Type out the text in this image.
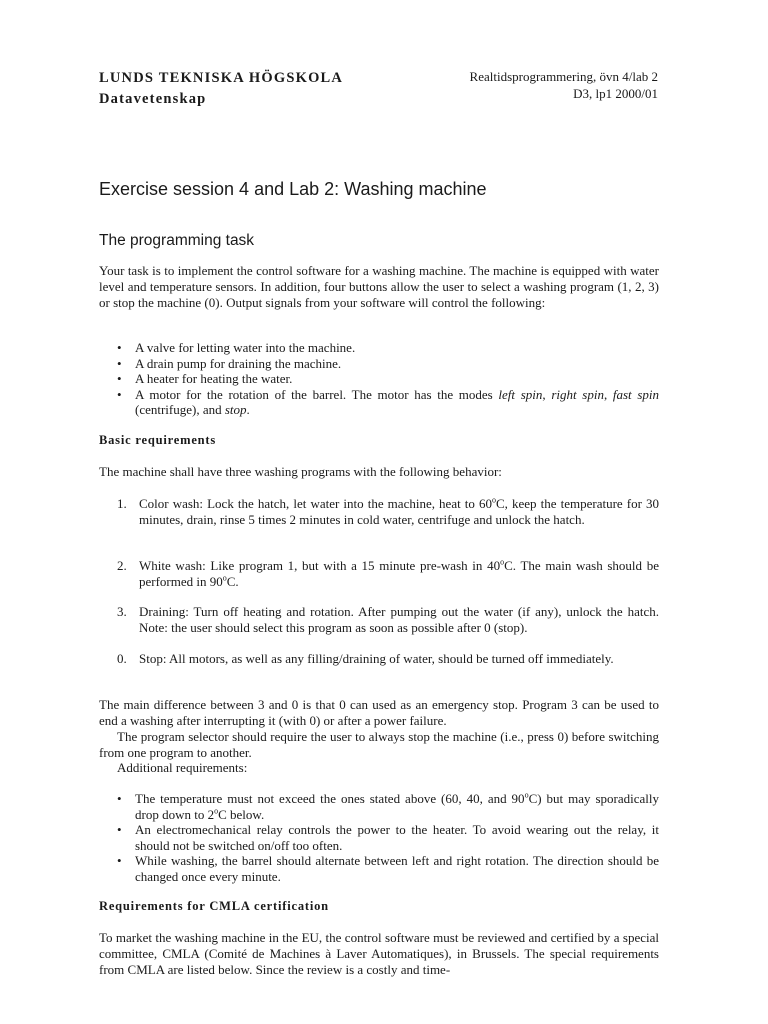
LUNDS TEKNISKA HÖGSKOLA
Datavetenskap
Realtidsprogrammering, övn 4/lab 2
D3, lp1 2000/01
Exercise session 4 and Lab 2: Washing machine
The programming task
Your task is to implement the control software for a washing machine. The machine is equipped with water level and temperature sensors. In addition, four buttons allow the user to select a washing program (1, 2, 3) or stop the machine (0). Output signals from your software will control the following:
• A valve for letting water into the machine.
• A drain pump for draining the machine.
• A heater for heating the water.
• A motor for the rotation of the barrel. The motor has the modes left spin, right spin, fast spin (centrifuge), and stop.
Basic requirements
The machine shall have three washing programs with the following behavior:
1. Color wash: Lock the hatch, let water into the machine, heat to 60$^o$C, keep the temperature for 30 minutes, drain, rinse 5 times 2 minutes in cold water, centrifuge and unlock the hatch.
2. White wash: Like program 1, but with a 15 minute pre-wash in 40$^o$C. The main wash should be performed in 90$^o$C.
3. Draining: Turn off heating and rotation. After pumping out the water (if any), unlock the hatch. Note: the user should select this program as soon as possible after 0 (stop).
0. Stop: All motors, as well as any filling/draining of water, should be turned off immediately.
The main difference between 3 and 0 is that 0 can used as an emergency stop. Program 3 can be used to end a washing after interrupting it (with 0) or after a power failure.
The program selector should require the user to always stop the machine (i.e., press 0) before switching from one program to another.
Additional requirements:
• The temperature must not exceed the ones stated above (60, 40, and 90$^o$C) but may sporadically drop down to 2$^o$C below.
• An electromechanical relay controls the power to the heater. To avoid wearing out the relay, it should not be switched on/off too often.
• While washing, the barrel should alternate between left and right rotation. The direction should be changed once every minute.
Requirements for CMLA certification
To market the washing machine in the EU, the control software must be reviewed and certified by a special committee, CMLA (Comité de Machines à Laver Automatiques), in Brussels. The special requirements from CMLA are listed below. Since the review is a costly and time-
